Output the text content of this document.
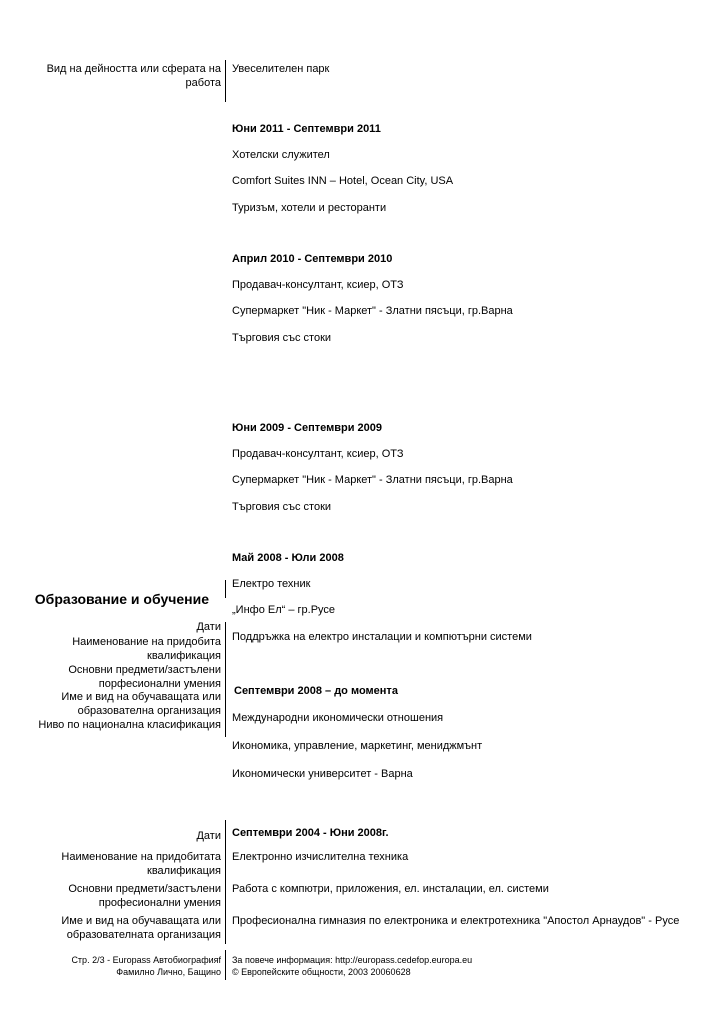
Вид на дейността или сферата на
работа
Увеселителен парк
Юни 2011 - Септември 2011
Хотелски служител
Comfort Suites INN – Hotel, Ocean City, USA
Туризъм, хотели и ресторанти
Април 2010 - Септември 2010
Продавач-консултант, ксиер, ОТЗ
Супермаркет "Ник - Маркет" - Златни пясъци, гр.Варна
Търговия със стоки
Юни 2009 - Септември 2009
Продавач-консултант, ксиер, ОТЗ
Супермаркет "Ник - Маркет" - Златни пясъци, гр.Варна
Търговия със стоки
Май 2008 - Юли 2008
Електро техник
„Инфо Ел“ – гр.Русе
Поддръжка на електро инсталации и компютърни системи
Образование и обучение
Дати
Наименование на придобита
квалификация
Основни предмети/застълени
порфесионални умения
Име и вид на обучаващата или
образователна организация
Ниво по национална класификация
Септември 2008 – до момента
Международни икономически отношения
Икономика, управление, маркетинг, мениджмънт
Икономически университет - Варна
Дати
Наименование на придобитата
квалификация
Основни предмети/застълени
професионални умения
Име и вид на обучаващата или
образователната организация
Септември 2004 - Юни 2008г.
Електронно изчислителна техника
Работа с компютри, приложения, ел. инсталации, ел. системи
Професионална гимназия по електроника и електротехника "Апостол Арнаудов" - Русе
Стр. 2/3 - Europass Автобиографияf
Фамилно Лично, Бащино
За повече информация: http://europass.cedefop.europa.eu
© Европейските общности, 2003 20060628
